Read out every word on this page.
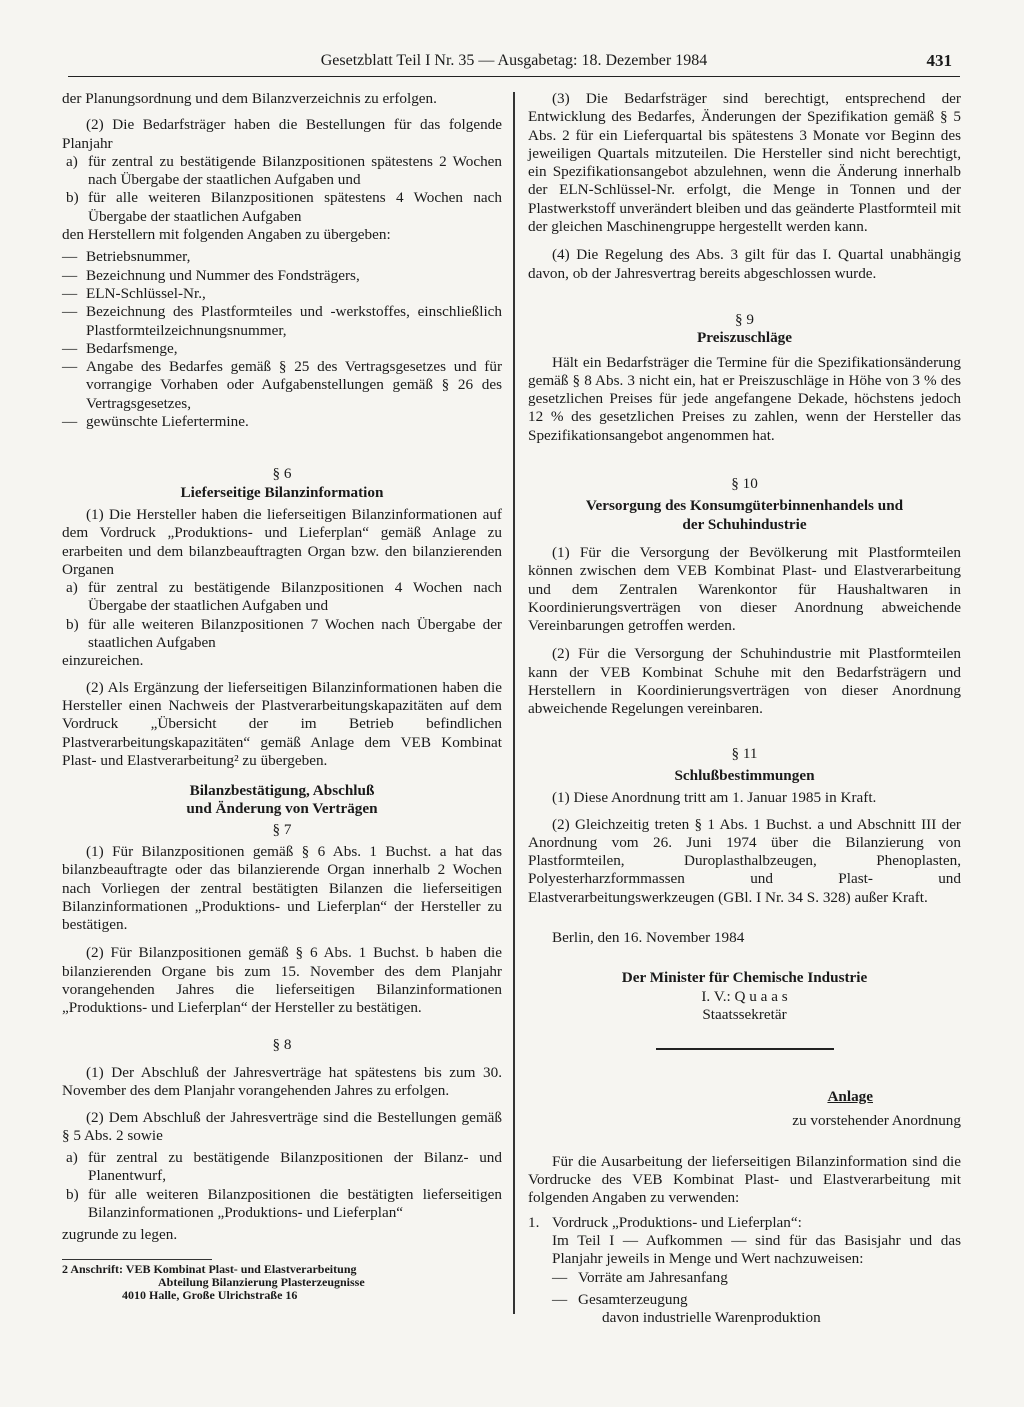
Gesetzblatt Teil I Nr. 35 — Ausgabetag: 18. Dezember 1984	431

der Planungsordnung und dem Bilanzverzeichnis zu erfolgen.

(2) Die Bedarfsträger haben die Bestellungen für das folgende Planjahr

a) für zentral zu bestätigende Bilanzpositionen spätestens 2 Wochen nach Übergabe der staatlichen Aufgaben und
b) für alle weiteren Bilanzpositionen spätestens 4 Wochen nach Übergabe der staatlichen Aufgaben

den Herstellern mit folgenden Angaben zu übergeben:

— Betriebsnummer,
— Bezeichnung und Nummer des Fondsträgers,
— ELN-Schlüssel-Nr.,
— Bezeichnung des Plastformteiles und -werkstoffes, einschließlich Plastformteilzeichnungsnummer,
— Bedarfsmenge,
— Angabe des Bedarfes gemäß § 25 des Vertragsgesetzes und für vorrangige Vorhaben oder Aufgabenstellungen gemäß § 26 des Vertragsgesetzes,
— gewünschte Liefertermine.

§ 6

Lieferseitige Bilanzinformation

(1) Die Hersteller haben die lieferseitigen Bilanzinformationen auf dem Vordruck „Produktions- und Lieferplan“ gemäß Anlage zu erarbeiten und dem bilanzbeauftragten Organ bzw. den bilanzierenden Organen

a) für zentral zu bestätigende Bilanzpositionen 4 Wochen nach Übergabe der staatlichen Aufgaben und
b) für alle weiteren Bilanzpositionen 7 Wochen nach Übergabe der staatlichen Aufgaben

einzureichen.

(2) Als Ergänzung der lieferseitigen Bilanzinformationen haben die Hersteller einen Nachweis der Plastverarbeitungskapazitäten auf dem Vordruck „Übersicht der im Betrieb befindlichen Plastverarbeitungskapazitäten“ gemäß Anlage dem VEB Kombinat Plast- und Elastverarbeitung² zu übergeben.

Bilanzbestätigung, Abschluß

und Änderung von Verträgen

§ 7

(1) Für Bilanzpositionen gemäß § 6 Abs. 1 Buchst. a hat das bilanzbeauftragte oder das bilanzierende Organ innerhalb 2 Wochen nach Vorliegen der zentral bestätigten Bilanzen die lieferseitigen Bilanzinformationen „Produktions- und Lieferplan“ der Hersteller zu bestätigen.

(2) Für Bilanzpositionen gemäß § 6 Abs. 1 Buchst. b haben die bilanzierenden Organe bis zum 15. November des dem Planjahr vorangehenden Jahres die lieferseitigen Bilanzinformationen „Produktions- und Lieferplan“ der Hersteller zu bestätigen.

§ 8

(1) Der Abschluß der Jahresverträge hat spätestens bis zum 30. November des dem Planjahr vorangehenden Jahres zu erfolgen.

(2) Dem Abschluß der Jahresverträge sind die Bestellungen gemäß § 5 Abs. 2 sowie

a) für zentral zu bestätigende Bilanzpositionen der Bilanz- und Planentwurf,
b) für alle weiteren Bilanzpositionen die bestätigten lieferseitigen Bilanzinformationen „Produktions- und Lieferplan“

zugrunde zu legen.

2 Anschrift: VEB Kombinat Plast- und Elastverarbeitung
Abteilung Bilanzierung Plasterzeugnisse
4010 Halle, Große Ulrichstraße 16

(3) Die Bedarfsträger sind berechtigt, entsprechend der Entwicklung des Bedarfes, Änderungen der Spezifikation gemäß § 5 Abs. 2 für ein Lieferquartal bis spätestens 3 Monate vor Beginn des jeweiligen Quartals mitzuteilen. Die Hersteller sind nicht berechtigt, ein Spezifikationsangebot abzulehnen, wenn die Änderung innerhalb der ELN-Schlüssel-Nr. erfolgt, die Menge in Tonnen und der Plastwerkstoff unverändert bleiben und das geänderte Plastformteil mit der gleichen Maschinengruppe hergestellt werden kann.

(4) Die Regelung des Abs. 3 gilt für das I. Quartal unabhängig davon, ob der Jahresvertrag bereits abgeschlossen wurde.

§ 9

Preiszuschläge

Hält ein Bedarfsträger die Termine für die Spezifikationsänderung gemäß § 8 Abs. 3 nicht ein, hat er Preiszuschläge in Höhe von 3 % des gesetzlichen Preises für jede angefangene Dekade, höchstens jedoch 12 % des gesetzlichen Preises zu zahlen, wenn der Hersteller das Spezifikationsangebot angenommen hat.

§ 10

Versorgung des Konsumgüterbinnenhandels und

der Schuhindustrie

(1) Für die Versorgung der Bevölkerung mit Plastformteilen können zwischen dem VEB Kombinat Plast- und Elastverarbeitung und dem Zentralen Warenkontor für Haushaltwaren in Koordinierungsverträgen von dieser Anordnung abweichende Vereinbarungen getroffen werden.

(2) Für die Versorgung der Schuhindustrie mit Plastformteilen kann der VEB Kombinat Schuhe mit den Bedarfsträgern und Herstellern in Koordinierungsverträgen von dieser Anordnung abweichende Regelungen vereinbaren.

§ 11

Schlußbestimmungen

(1) Diese Anordnung tritt am 1. Januar 1985 in Kraft.

(2) Gleichzeitig treten § 1 Abs. 1 Buchst. a und Abschnitt III der Anordnung vom 26. Juni 1974 über die Bilanzierung von Plastformteilen, Duroplasthalbzeugen, Phenoplasten, Polyesterharzformmassen und Plast- und Elastverarbeitungswerkzeugen (GBl. I Nr. 34 S. 328) außer Kraft.

Berlin, den 16. November 1984

Der Minister für Chemische Industrie

I. V.: Q u a a s

Staatssekretär

Anlage

zu vorstehender Anordnung

Für die Ausarbeitung der lieferseitigen Bilanzinformation sind die Vordrucke des VEB Kombinat Plast- und Elastverarbeitung mit folgenden Angaben zu verwenden:

1. Vordruck „Produktions- und Lieferplan“:

Im Teil I — Aufkommen — sind für das Basisjahr und das Planjahr jeweils in Menge und Wert nachzuweisen:

— Vorräte am Jahresanfang
— Gesamterzeugung

davon industrielle Warenproduktion
